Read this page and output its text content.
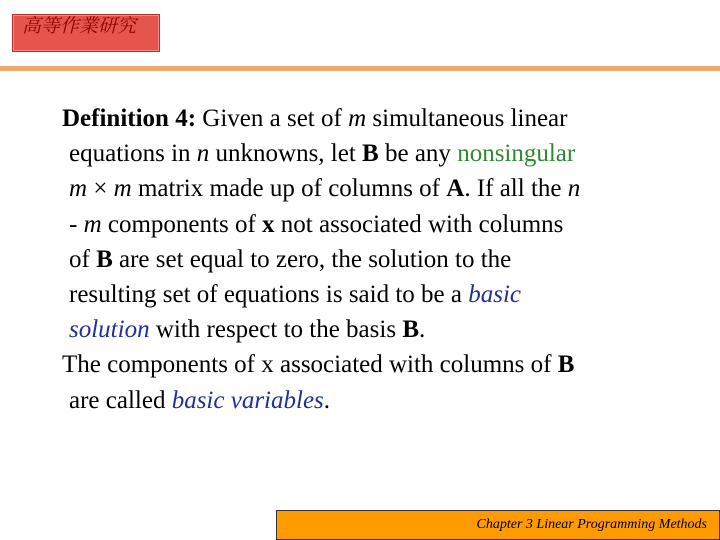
高等作業研究
Definition 4: Given a set of m simultaneous linear
equations in n unknowns, let B be any nonsingular
m × m matrix made up of columns of A. If all the n
- m components of x not associated with columns
of B are set equal to zero, the solution to the
resulting set of equations is said to be a basic
solution with respect to the basis B.
The components of x associated with columns of B
are called basic variables.
Chapter 3 Linear Programming Methods
